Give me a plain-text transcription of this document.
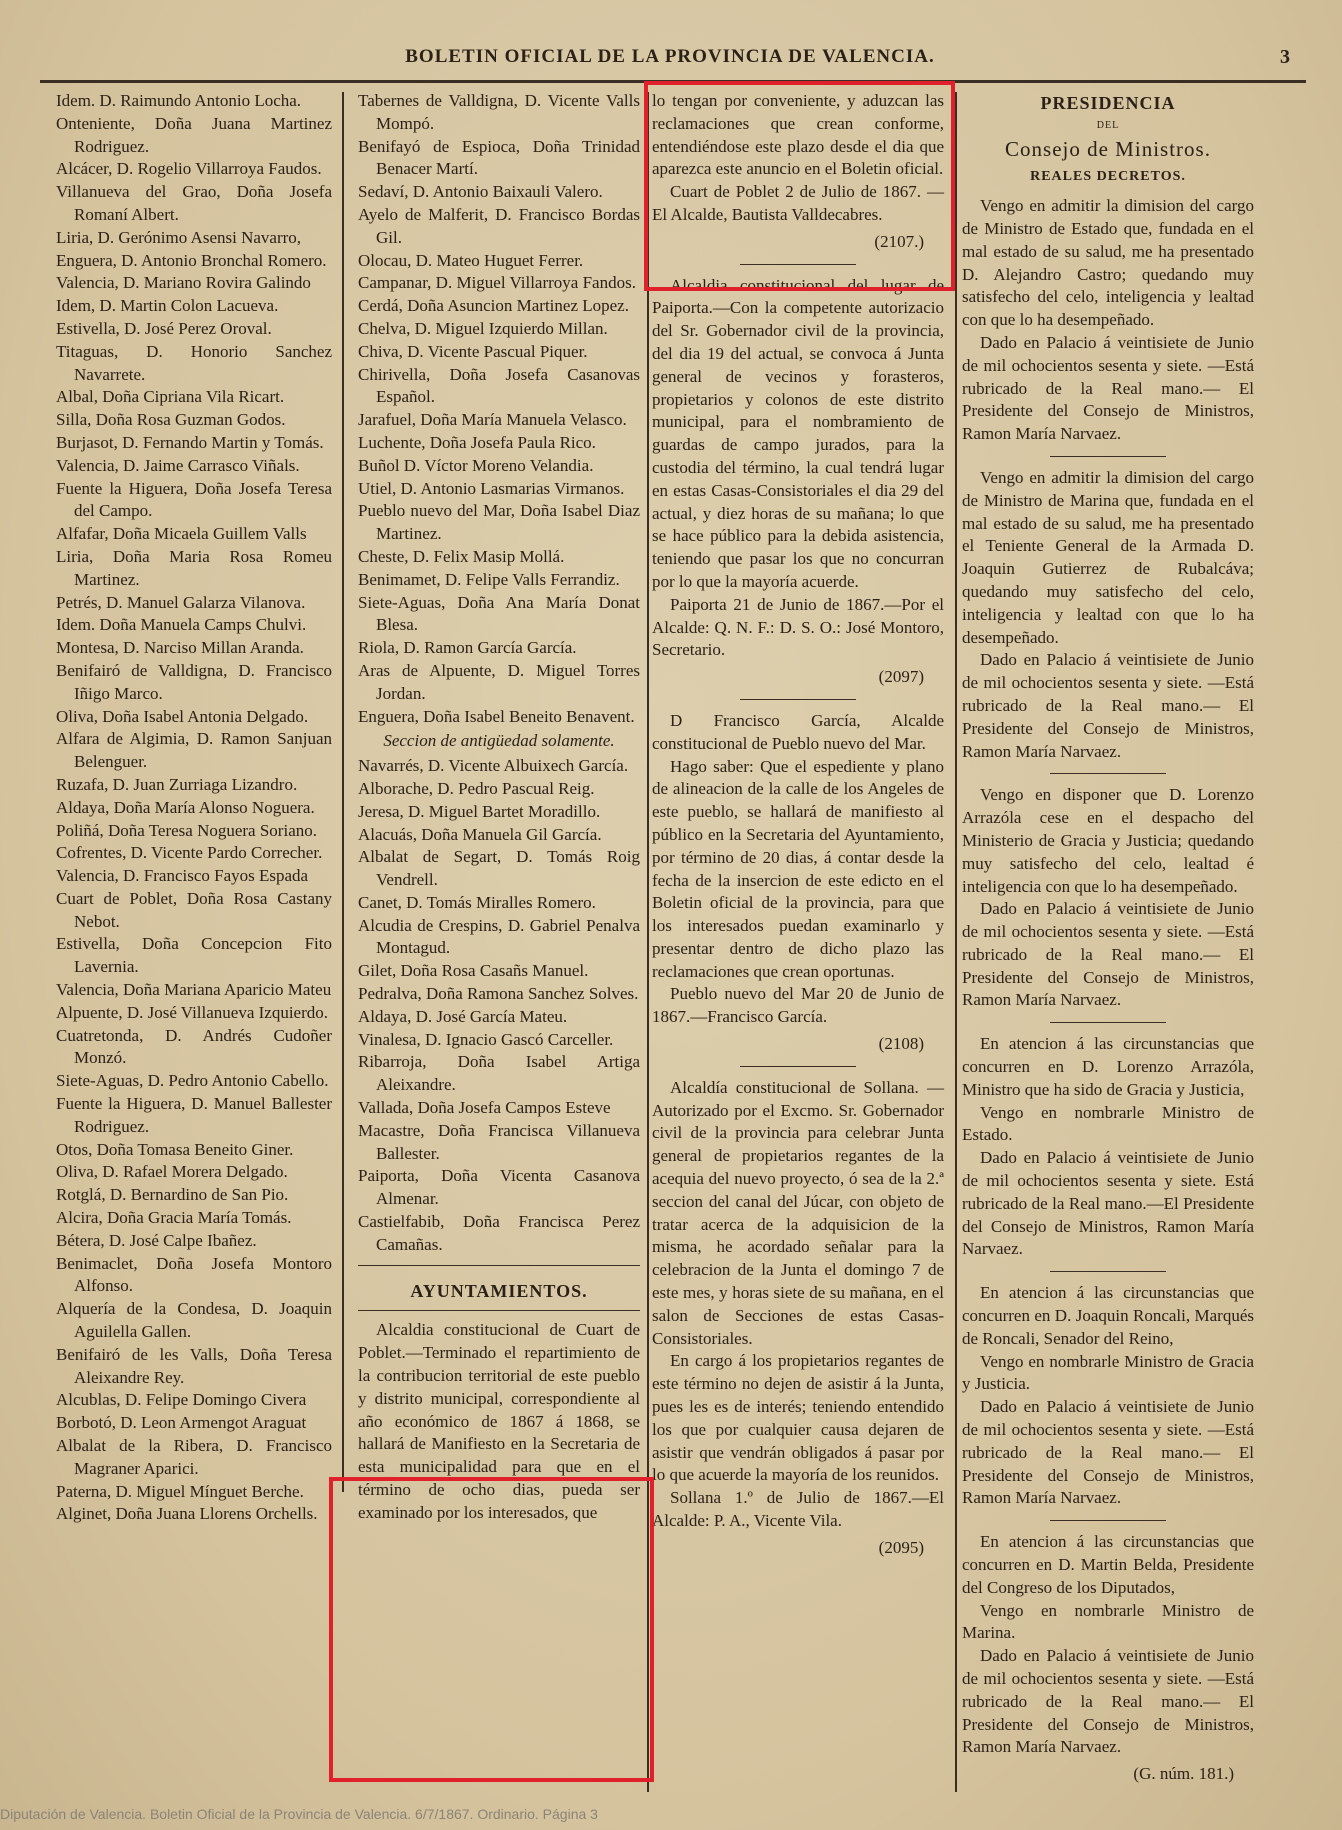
BOLETIN OFICIAL DE LA PROVINCIA DE VALENCIA.	3

Idem. D. Raimundo Antonio Locha.

Onteniente, Doña Juana Martinez Rodriguez.

Alcácer, D. Rogelio Villarroya Faudos.

Villanueva del Grao, Doña Josefa Romaní Albert.

Liria, D. Gerónimo Asensi Navarro,

Enguera, D. Antonio Bronchal Romero.

Valencia, D. Mariano Rovira Galindo

Idem, D. Martin Colon Lacueva.

Estivella, D. José Perez Oroval.

Titaguas, D. Honorio Sanchez Navarrete.

Albal, Doña Cipriana Vila Ricart.

Silla, Doña Rosa Guzman Godos.

Burjasot, D. Fernando Martin y Tomás.

Valencia, D. Jaime Carrasco Viñals.

Fuente la Higuera, Doña Josefa Teresa del Campo.

Alfafar, Doña Micaela Guillem Valls

Liria, Doña Maria Rosa Romeu Martinez.

Petrés, D. Manuel Galarza Vilanova.

Idem. Doña Manuela Camps Chulvi.

Montesa, D. Narciso Millan Aranda.

Benifairó de Valldigna, D. Francisco Iñigo Marco.

Oliva, Doña Isabel Antonia Delgado.

Alfara de Algimia, D. Ramon Sanjuan Belenguer.

Ruzafa, D. Juan Zurriaga Lizandro.

Aldaya, Doña María Alonso Noguera.

Poliñá, Doña Teresa Noguera Soriano.

Cofrentes, D. Vicente Pardo Correcher.

Valencia, D. Francisco Fayos Espada

Cuart de Poblet, Doña Rosa Castany Nebot.

Estivella, Doña Concepcion Fito Lavernia.

Valencia, Doña Mariana Aparicio Mateu

Alpuente, D. José Villanueva Izquierdo.

Cuatretonda, D. Andrés Cudoñer Monzó.

Siete-Aguas, D. Pedro Antonio Cabello.

Fuente la Higuera, D. Manuel Ballester Rodriguez.

Otos, Doña Tomasa Beneito Giner.

Oliva, D. Rafael Morera Delgado.

Rotglá, D. Bernardino de San Pio.

Alcira, Doña Gracia María Tomás.

Bétera, D. José Calpe Ibañez.

Benimaclet, Doña Josefa Montoro Alfonso.

Alquería de la Condesa, D. Joaquin Aguilella Gallen.

Benifairó de les Valls, Doña Teresa Aleixandre Rey.

Alcublas, D. Felipe Domingo Civera

Borbotó, D. Leon Armengot Araguat

Albalat de la Ribera, D. Francisco Magraner Aparici.

Paterna, D. Miguel Mínguet Berche.

Alginet, Doña Juana Llorens Orchells.

Tabernes de Valldigna, D. Vicente Valls Mompó.

Benifayó de Espioca, Doña Trinidad Benacer Martí.

Sedaví, D. Antonio Baixauli Valero.

Ayelo de Malferit, D. Francisco Bordas Gil.

Olocau, D. Mateo Huguet Ferrer.

Campanar, D. Miguel Villarroya Fandos.

Cerdá, Doña Asuncion Martinez Lopez.

Chelva, D. Miguel Izquierdo Millan.

Chiva, D. Vicente Pascual Piquer.

Chirivella, Doña Josefa Casanovas Español.

Jarafuel, Doña María Manuela Velasco.

Luchente, Doña Josefa Paula Rico.

Buñol D. Víctor Moreno Velandia.

Utiel, D. Antonio Lasmarias Virmanos.

Pueblo nuevo del Mar, Doña Isabel Diaz Martinez.

Cheste, D. Felix Masip Mollá.

Benimamet, D. Felipe Valls Ferrandiz.

Siete-Aguas, Doña Ana María Donat Blesa.

Riola, D. Ramon García García.

Aras de Alpuente, D. Miguel Torres Jordan.

Enguera, Doña Isabel Beneito Benavent.

Seccion de antigüedad solamente.

Navarrés, D. Vicente Albuixech García.

Alborache, D. Pedro Pascual Reig.

Jeresa, D. Miguel Bartet Moradillo.

Alacuás, Doña Manuela Gil García.

Albalat de Segart, D. Tomás Roig Vendrell.

Canet, D. Tomás Miralles Romero.

Alcudia de Crespins, D. Gabriel Penalva Montagud.

Gilet, Doña Rosa Casañs Manuel.

Pedralva, Doña Ramona Sanchez Solves.

Aldaya, D. José García Mateu.

Vinalesa, D. Ignacio Gascó Carceller.

Ribarroja, Doña Isabel Artiga Aleixandre.

Vallada, Doña Josefa Campos Esteve

Macastre, Doña Francisca Villanueva Ballester.

Paiporta, Doña Vicenta Casanova Almenar.

Castielfabib, Doña Francisca Perez Camañas.

AYUNTAMIENTOS.

Alcaldia constitucional de Cuart de Poblet.—Terminado el repartimiento de la contribucion territorial de este pueblo y distrito municipal, correspondiente al año económico de 1867 á 1868, se hallará de Manifiesto en la Secretaria de esta municipalidad para que en el término de ocho dias, pueda ser examinado por los interesados, que

lo tengan por conveniente, y aduzcan las reclamaciones que crean conforme, entendiéndose este plazo desde el dia que aparezca este anuncio en el Boletin oficial.

Cuart de Poblet 2 de Julio de 1867. —El Alcalde, Bautista Valldecabres.

(2107.)

Alcaldia constitucional del lugar de Paiporta.—Con la competente autorizacio del Sr. Gobernador civil de la provincia, del dia 19 del actual, se convoca á Junta general de vecinos y forasteros, propietarios y colonos de este distrito municipal, para el nombramiento de guardas de campo jurados, para la custodia del término, la cual tendrá lugar en estas Casas-Consistoriales el dia 29 del actual, y diez horas de su mañana; lo que se hace público para la debida asistencia, teniendo que pasar los que no concurran por lo que la mayoría acuerde.

Paiporta 21 de Junio de 1867.—Por el Alcalde: Q. N. F.: D. S. O.: José Montoro, Secretario.

(2097)

D Francisco García, Alcalde constitucional de Pueblo nuevo del Mar.

Hago saber: Que el espediente y plano de alineacion de la calle de los Angeles de este pueblo, se hallará de manifiesto al público en la Secretaria del Ayuntamiento, por término de 20 dias, á contar desde la fecha de la insercion de este edicto en el Boletin oficial de la provincia, para que los interesados puedan examinarlo y presentar dentro de dicho plazo las reclamaciones que crean oportunas.

Pueblo nuevo del Mar 20 de Junio de 1867.—Francisco García.

(2108)

Alcaldía constitucional de Sollana. —Autorizado por el Excmo. Sr. Gobernador civil de la provincia para celebrar Junta general de propietarios regantes de la acequia del nuevo proyecto, ó sea de la 2.ª seccion del canal del Júcar, con objeto de tratar acerca de la adquisicion de la misma, he acordado señalar para la celebracion de la Junta el domingo 7 de este mes, y horas siete de su mañana, en el salon de Secciones de estas Casas-Consistoriales.

En cargo á los propietarios regantes de este término no dejen de asistir á la Junta, pues les es de interés; teniendo entendido los que por cualquier causa dejaren de asistir que vendrán obligados á pasar por lo que acuerde la mayoría de los reunidos.

Sollana 1.º de Julio de 1867.—El Alcalde: P. A., Vicente Vila.

(2095)

PRESIDENCIA
DEL
Consejo de Ministros.
REALES DECRETOS.

Vengo en admitir la dimision del cargo de Ministro de Estado que, fundada en el mal estado de su salud, me ha presentado D. Alejandro Castro; quedando muy satisfecho del celo, inteligencia y lealtad con que lo ha desempeñado.

Dado en Palacio á veintisiete de Junio de mil ochocientos sesenta y siete. —Está rubricado de la Real mano.— El Presidente del Consejo de Ministros, Ramon María Narvaez.

Vengo en admitir la dimision del cargo de Ministro de Marina que, fundada en el mal estado de su salud, me ha presentado el Teniente General de la Armada D. Joaquin Gutierrez de Rubalcáva; quedando muy satisfecho del celo, inteligencia y lealtad con que lo ha desempeñado.

Dado en Palacio á veintisiete de Junio de mil ochocientos sesenta y siete. —Está rubricado de la Real mano.— El Presidente del Consejo de Ministros, Ramon María Narvaez.

Vengo en disponer que D. Lorenzo Arrazóla cese en el despacho del Ministerio de Gracia y Justicia; quedando muy satisfecho del celo, lealtad é inteligencia con que lo ha desempeñado.

Dado en Palacio á veintisiete de Junio de mil ochocientos sesenta y siete. —Está rubricado de la Real mano.— El Presidente del Consejo de Ministros, Ramon María Narvaez.

En atencion á las circunstancias que concurren en D. Lorenzo Arrazóla, Ministro que ha sido de Gracia y Justicia,

Vengo en nombrarle Ministro de Estado.

Dado en Palacio á veintisiete de Junio de mil ochocientos sesenta y siete. Está rubricado de la Real mano.—El Presidente del Consejo de Ministros, Ramon María Narvaez.

En atencion á las circunstancias que concurren en D. Joaquin Roncali, Marqués de Roncali, Senador del Reino,

Vengo en nombrarle Ministro de Gracia y Justicia.

Dado en Palacio á veintisiete de Junio de mil ochocientos sesenta y siete. —Está rubricado de la Real mano.— El Presidente del Consejo de Ministros, Ramon María Narvaez.

En atencion á las circunstancias que concurren en D. Martin Belda, Presidente del Congreso de los Diputados,

Vengo en nombrarle Ministro de Marina.

Dado en Palacio á veintisiete de Junio de mil ochocientos sesenta y siete. —Está rubricado de la Real mano.— El Presidente del Consejo de Ministros, Ramon María Narvaez.

(G. núm. 181.)

Diputación de Valencia. Boletin Oficial de la Provincia de Valencia. 6/7/1867. Ordinario. Página 3
